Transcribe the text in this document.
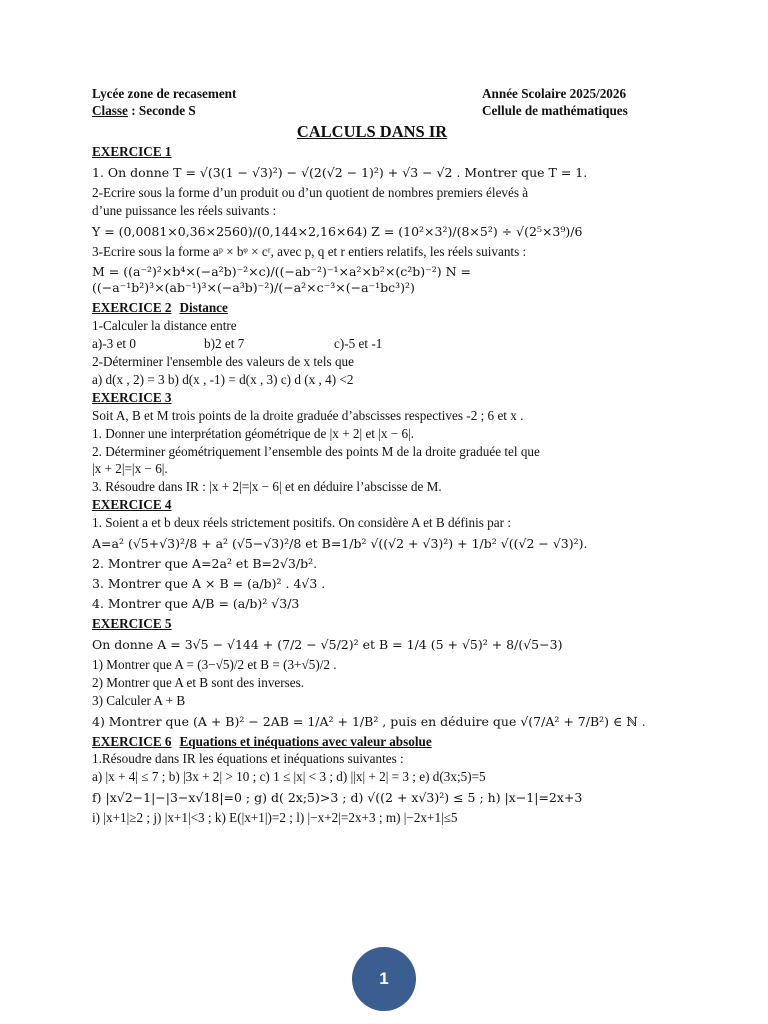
Lycée zone de recasement	Année Scolaire 2025/2026
Classe : Seconde S	Cellule de mathématiques
CALCULS DANS IR
EXERCICE 1
1. On donne T = √(3(1 − √3)²) − √(2(√2 − 1)²) + √3 − √2 . Montrer que T = 1.
2-Ecrire sous la forme d’un produit ou d’un quotient de nombres premiers élevés à
d’une puissance les réels suivants :
Y = (0,0081×0,36×2560)/(0,144×2,16×64) Z = (10²×3²)/(8×5²) ÷ √(2⁵×3⁹)/6
3-Ecrire sous la forme aᵖ × bᵠ × cʳ, avec p, q et r entiers relatifs, les réels suivants :
M = ((a⁻²)²×b⁴×(−a²b)⁻²×c)/((−ab⁻²)⁻¹×a²×b²×(c²b)⁻²) N = ((−a⁻¹b²)³×(ab⁻¹)³×(−a³b)⁻²)/(−a²×c⁻³×(−a⁻¹bc³)²)
EXERCICE 2 Distance
1-Calculer la distance entre
a)-3 et 0	b)2 et 7	c)-5 et -1
2-Déterminer l'ensemble des valeurs de x tels que
a) d(x , 2) = 3 b) d(x , -1) = d(x , 3) c) d (x , 4) <2
EXERCICE 3
Soit A, B et M trois points de la droite graduée d’abscisses respectives -2 ; 6 et x .
1. Donner une interprétation géométrique de |x + 2| et |x − 6|.
2. Déterminer géométriquement l’ensemble des points M de la droite graduée tel que
|x + 2|=|x − 6|.
3. Résoudre dans IR : |x + 2|=|x − 6| et en déduire l’abscisse de M.
EXERCICE 4
1. Soient a et b deux réels strictement positifs. On considère A et B définis par :
A=a² (√5+√3)²/8 + a² (√5−√3)²/8 et B=1/b² √((√2 + √3)²) + 1/b² √((√2 − √3)²).
2. Montrer que A=2a² et B=2√3/b².
3. Montrer que A × B = (a/b)² . 4√3 .
4. Montrer que A/B = (a/b)² √3/3
EXERCICE 5
On donne A = 3√5 − √144 + (7/2 − √5/2)² et B = 1/4 (5 + √5)² + 8/(√5−3)
1) Montrer que A = (3−√5)/2 et B = (3+√5)/2 .
2) Montrer que A et B sont des inverses.
3) Calculer A + B
4) Montrer que (A + B)² − 2AB = 1/A² + 1/B² , puis en déduire que √(7/A² + 7/B²) ∈ ℕ .
EXERCICE 6 Equations et inéquations avec valeur absolue
1.Résoudre dans IR les équations et inéquations suivantes :
a) |x + 4| ≤ 7 ; b) |3x + 2| > 10 ; c) 1 ≤ |x| < 3 ; d) ||x| + 2| = 3 ; e) d(3x;5)=5
f) |x√2−1|−|3−x√18|=0 ; g) d( 2x;5)>3 ; d) √((2 + x√3)²) ≤ 5 ; h) |x−1|=2x+3
i) |x+1|≥2 ; j) |x+1|<3 ; k) E(|x+1|)=2 ; l) |−x+2|=2x+3 ; m) |−2x+1|≤5
1
